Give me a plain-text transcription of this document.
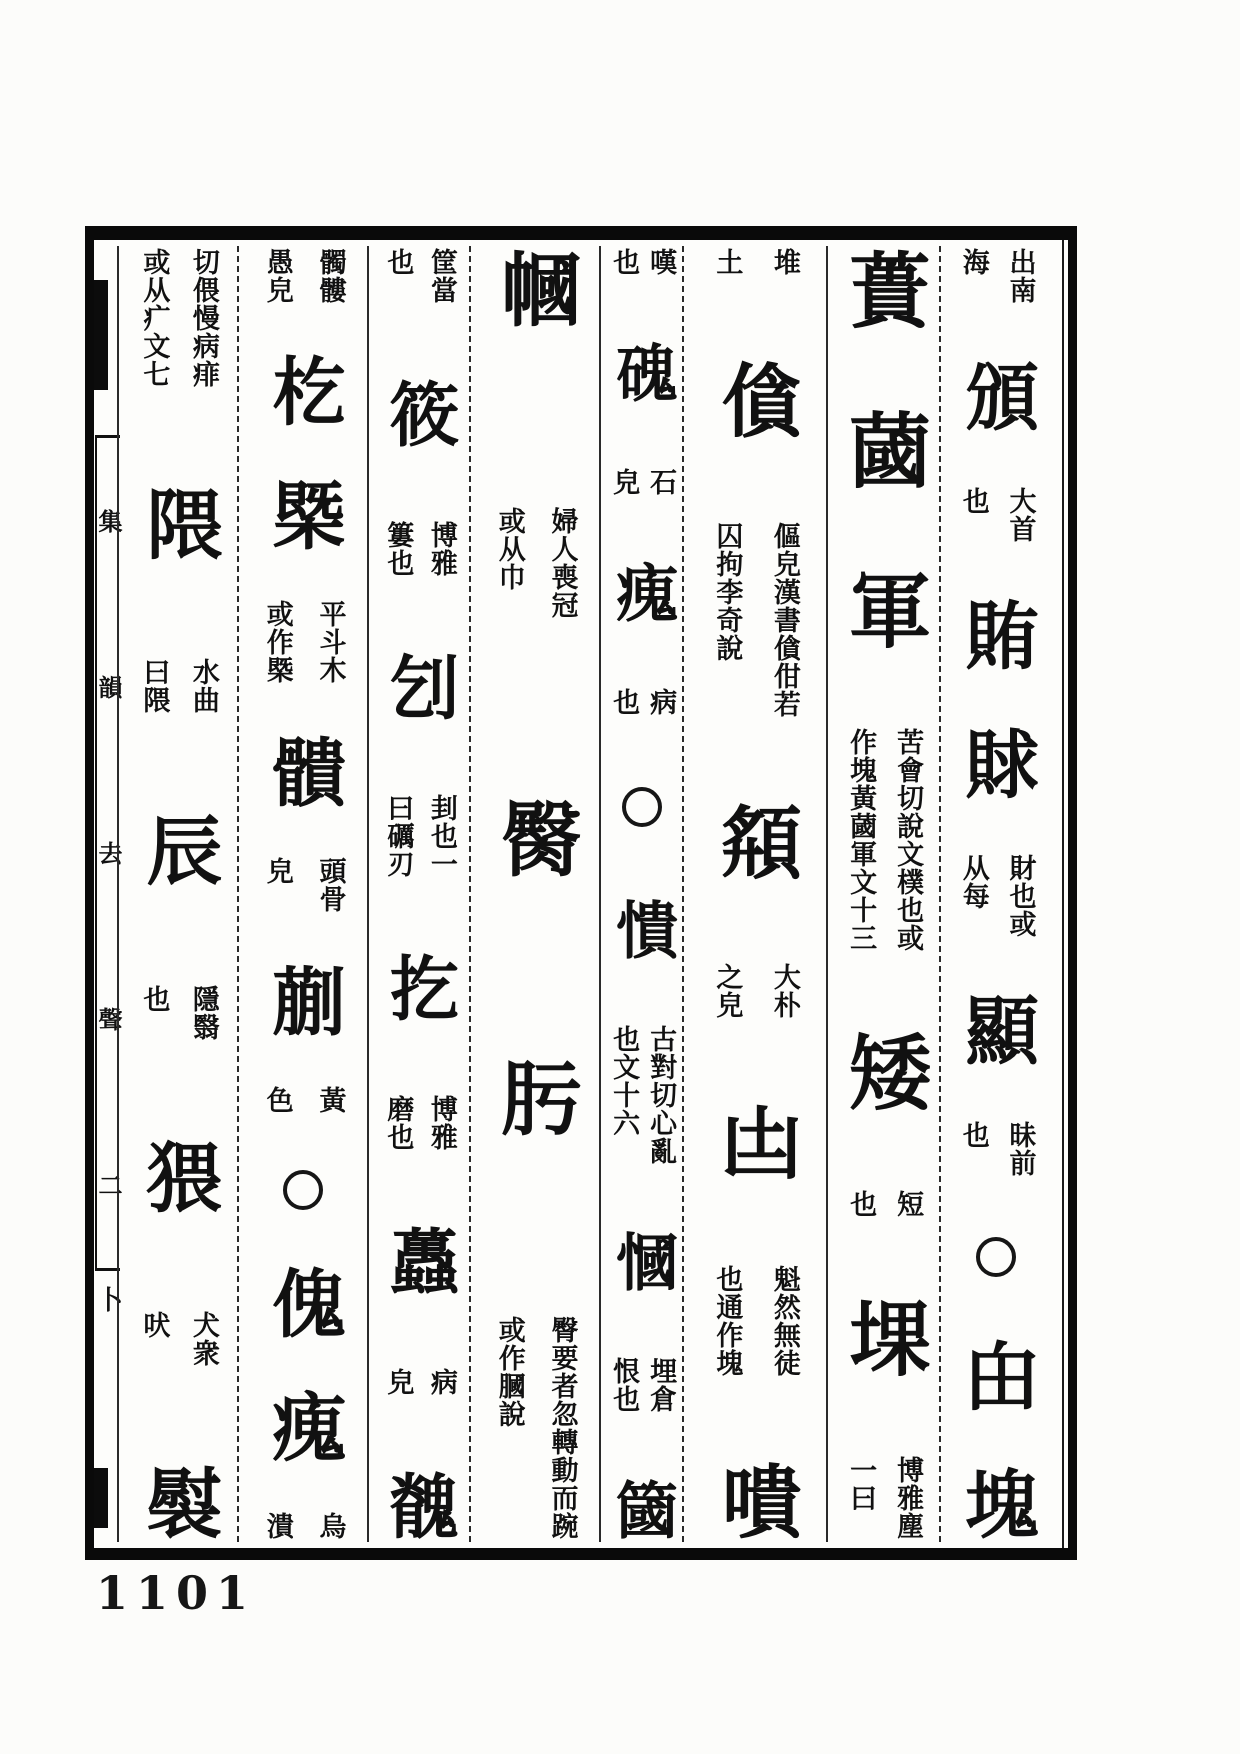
集
韻
去
聲
二
卜
出南
海
頒
大首
也
賄
賕
財也或
从每
顯
昧前
也
甶
塊
蕢
蔮
軍
苦會切說文樸也或
作塊黃蔮軍文十三
矮
短
也
堁
博雅塵
一曰
堆
土
僋
傴皃漢書僋佄若
囚拘李奇說
頯
大朴
之皃
凷
魁然無徒
也通作塊
嘳
嘆
也
磈
石
皃
瘣
病
也
憒
古對切心亂
也文十六
慖
埋倉
恨也
簂
幗
婦人喪冠
或从巾
臋
肟
臀要者忽轉動而踠
或作膕說
筐當
也
筱
博雅
簍也
刉
刲也一
曰礪刃
扢
博雅
磨也
䘍
病
皃
䰪
髑髏
愚皃
杚
槩
平斗木
或作槩
䯣
頭骨
皃
蒯
黃
色
傀
瘣
烏
潰
切偎慢病痱
或从疒文七
隈
水曲
曰隈
辰
隱翳
也
猥
犬衆
吠
褽
1101
